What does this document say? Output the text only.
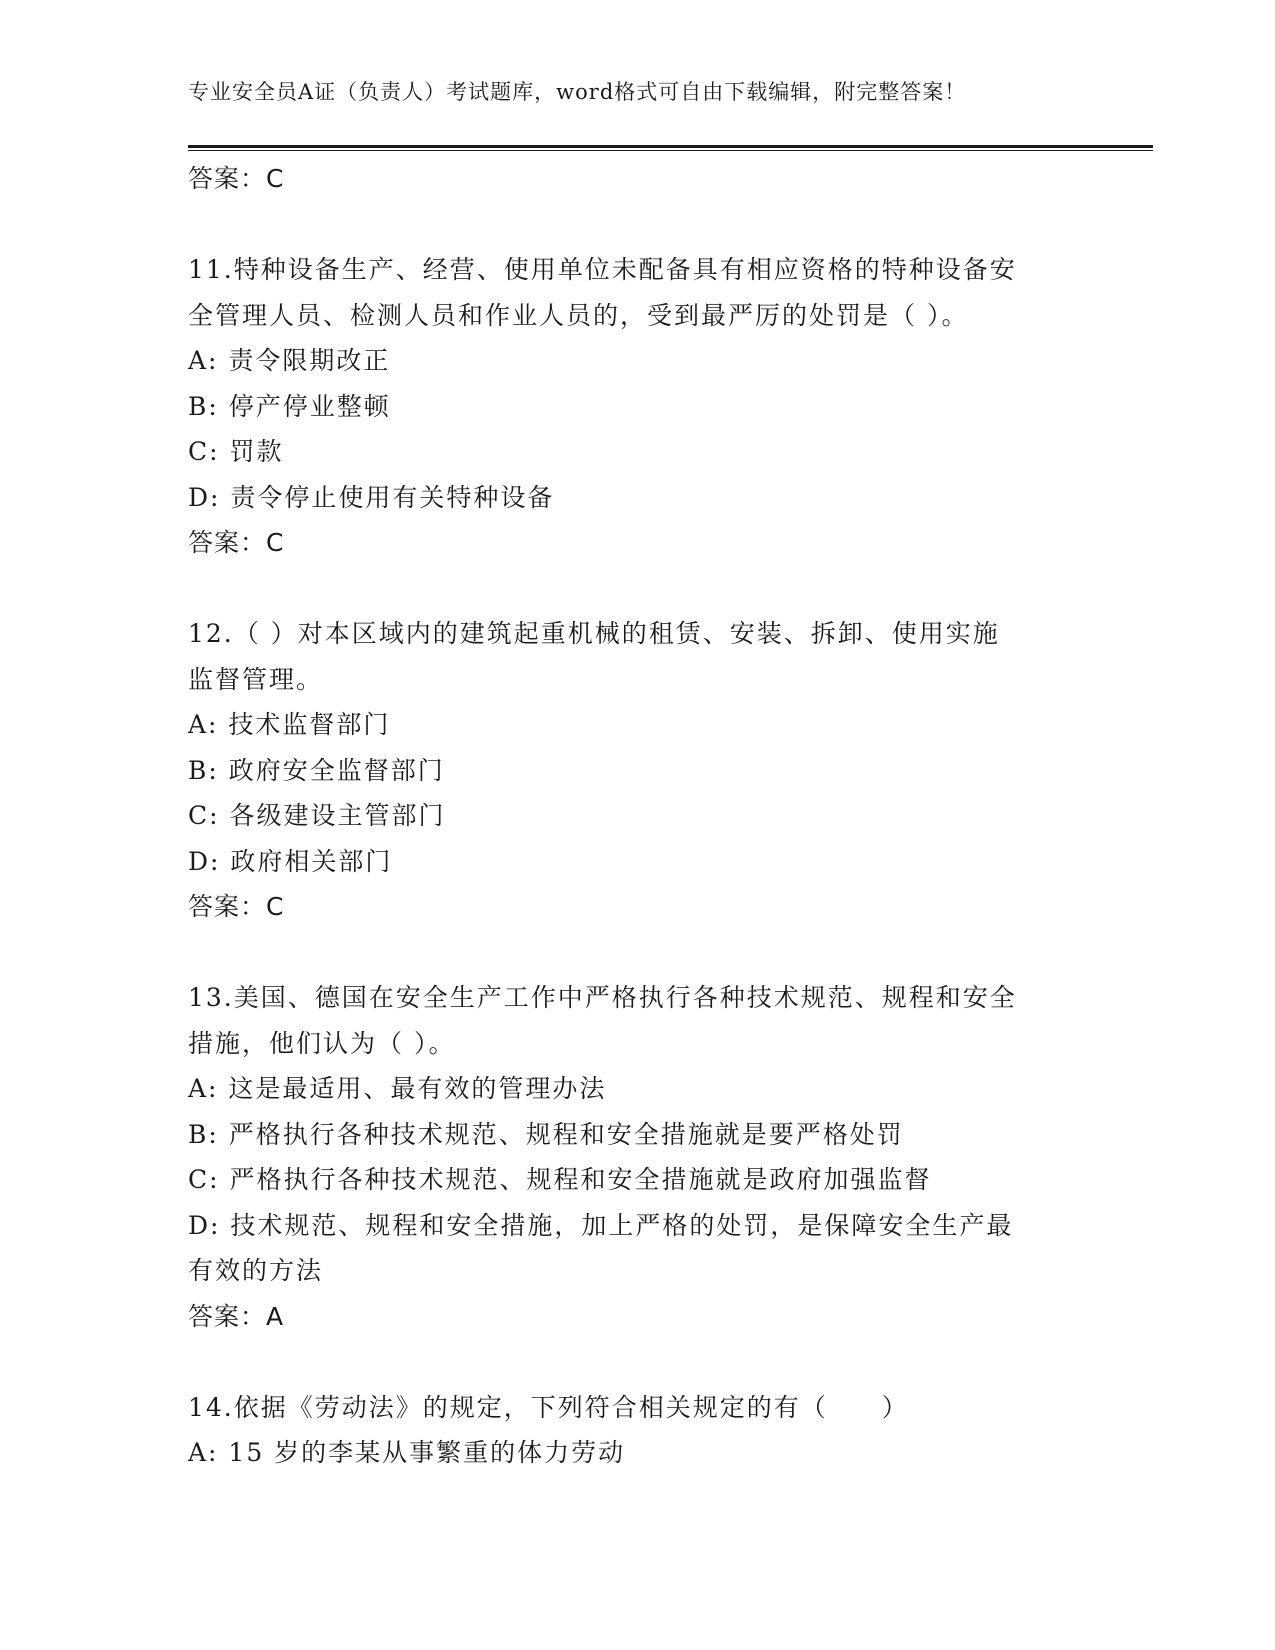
专业安全员A证（负责人）考试题库，word格式可自由下载编辑，附完整答案！
答案：C
11.特种设备生产、经营、使用单位未配备具有相应资格的特种设备安
全管理人员、检测人员和作业人员的，受到最严厉的处罚是（ ）。
A: 责令限期改正
B: 停产停业整顿
C: 罚款
D: 责令停止使用有关特种设备
答案：C
12.（ ）对本区域内的建筑起重机械的租赁、安装、拆卸、使用实施
监督管理。
A: 技术监督部门
B: 政府安全监督部门
C: 各级建设主管部门
D: 政府相关部门
答案：C
13.美国、德国在安全生产工作中严格执行各种技术规范、规程和安全
措施，他们认为（ ）。
A: 这是最适用、最有效的管理办法
B: 严格执行各种技术规范、规程和安全措施就是要严格处罚
C: 严格执行各种技术规范、规程和安全措施就是政府加强监督
D: 技术规范、规程和安全措施，加上严格的处罚，是保障安全生产最
有效的方法
答案：A
14.依据《劳动法》的规定，下列符合相关规定的有（　　）
A: 15 岁的李某从事繁重的体力劳动
